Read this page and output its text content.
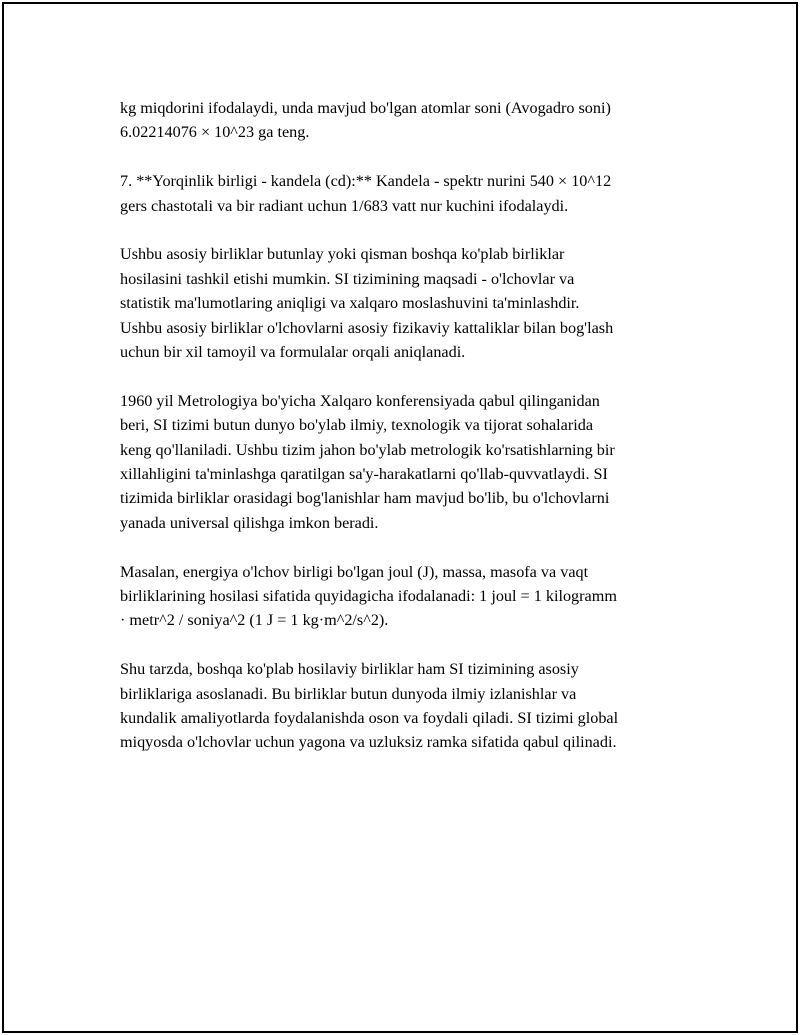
kg miqdorini ifodalaydi, unda mavjud bo'lgan atomlar soni (Avogadro soni)
6.02214076 × 10^23 ga teng.

7. **Yorqinlik birligi - kandela (cd):** Kandela - spektr nurini 540 × 10^12
gers chastotali va bir radiant uchun 1/683 vatt nur kuchini ifodalaydi.

Ushbu asosiy birliklar butunlay yoki qisman boshqa ko'plab birliklar
hosilasini tashkil etishi mumkin. SI tizimining maqsadi - o'lchovlar va
statistik ma'lumotlaring aniqligi va xalqaro moslashuvini ta'minlashdir.
Ushbu asosiy birliklar o'lchovlarni asosiy fizikaviy kattaliklar bilan bog'lash
uchun bir xil tamoyil va formulalar orqali aniqlanadi.

1960 yil Metrologiya bo'yicha Xalqaro konferensiyada qabul qilinganidan
beri, SI tizimi butun dunyo bo'ylab ilmiy, texnologik va tijorat sohalarida
keng qo'llaniladi. Ushbu tizim jahon bo'ylab metrologik ko'rsatishlarning bir
xillahligini ta'minlashga qaratilgan sa'y-harakatlarni qo'llab-quvvatlaydi. SI
tizimida birliklar orasidagi bog'lanishlar ham mavjud bo'lib, bu o'lchovlarni
yanada universal qilishga imkon beradi.

Masalan, energiya o'lchov birligi bo'lgan joul (J), massa, masofa va vaqt
birliklarining hosilasi sifatida quyidagicha ifodalanadi: 1 joul = 1 kilogramm
· metr^2 / soniya^2 (1 J = 1 kg·m^2/s^2).

Shu tarzda, boshqa ko'plab hosilaviy birliklar ham SI tizimining asosiy
birliklariga asoslanadi. Bu birliklar butun dunyoda ilmiy izlanishlar va
kundalik amaliyotlarda foydalanishda oson va foydali qiladi. SI tizimi global
miqyosda o'lchovlar uchun yagona va uzluksiz ramka sifatida qabul qilinadi.
